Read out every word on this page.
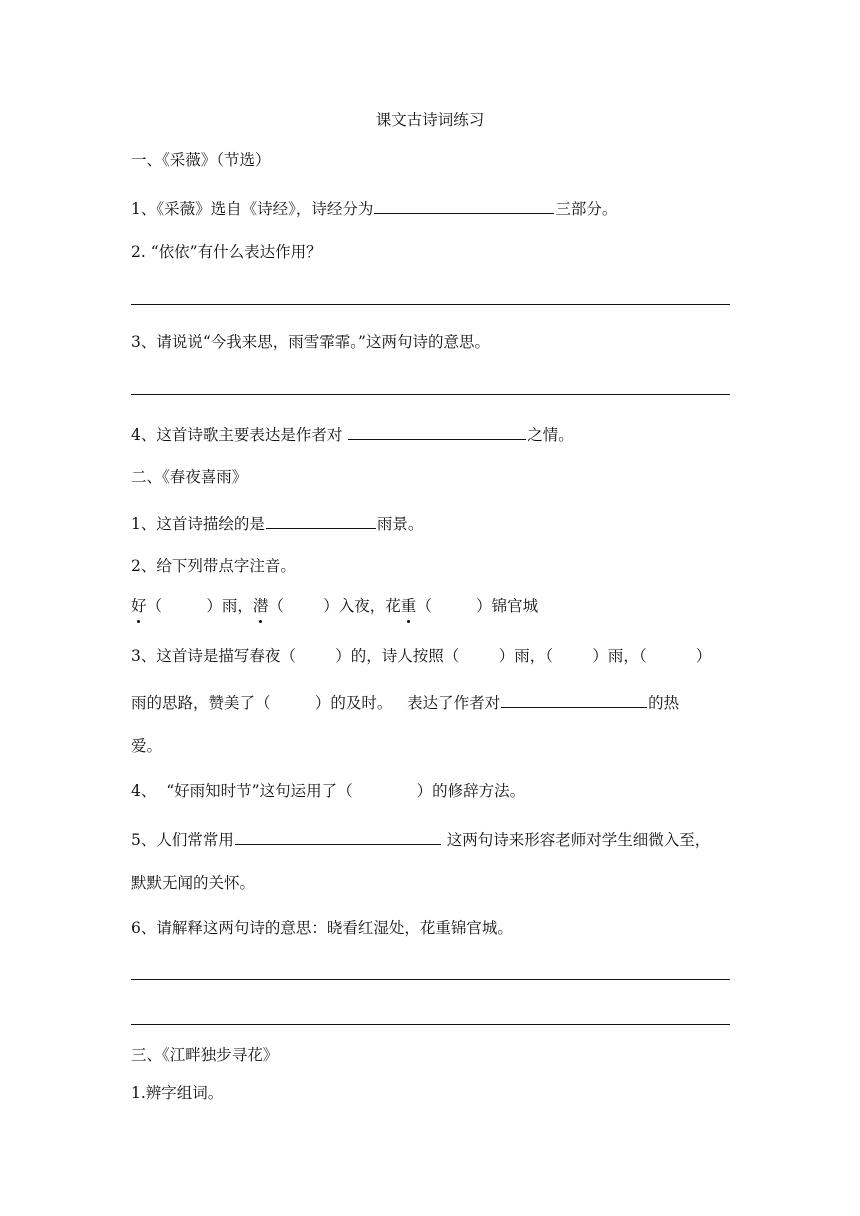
课文古诗词练习
一、《采薇》（节选）
1、《采薇》选自《诗经》，诗经分为	三部分。
2. “依依”有什么表达作用？
3、请说说“今我来思，雨雪霏霏。”这两句诗的意思。
4、这首诗歌主要表达是作者对	之情。
二、《春夜喜雨》
1、这首诗描绘的是	雨景。
2、给下列带点字注音。
好（         ）雨，潜（        ）入夜，花重（         ）锦官城
3、这首诗是描写春夜（        ）的，诗人按照（        ）雨，（        ）雨，（          ）
雨的思路，赞美了（         ）的及时。   表达了作者对	的热
爱。
4、  “好雨知时节”这句运用了（             ）的修辞方法。
5、人们常常用	这两句诗来形容老师对学生细微入至，
默默无闻的关怀。
6、请解释这两句诗的意思：晓看红湿处，花重锦官城。
三、《江畔独步寻花》
1.辨字组词。
